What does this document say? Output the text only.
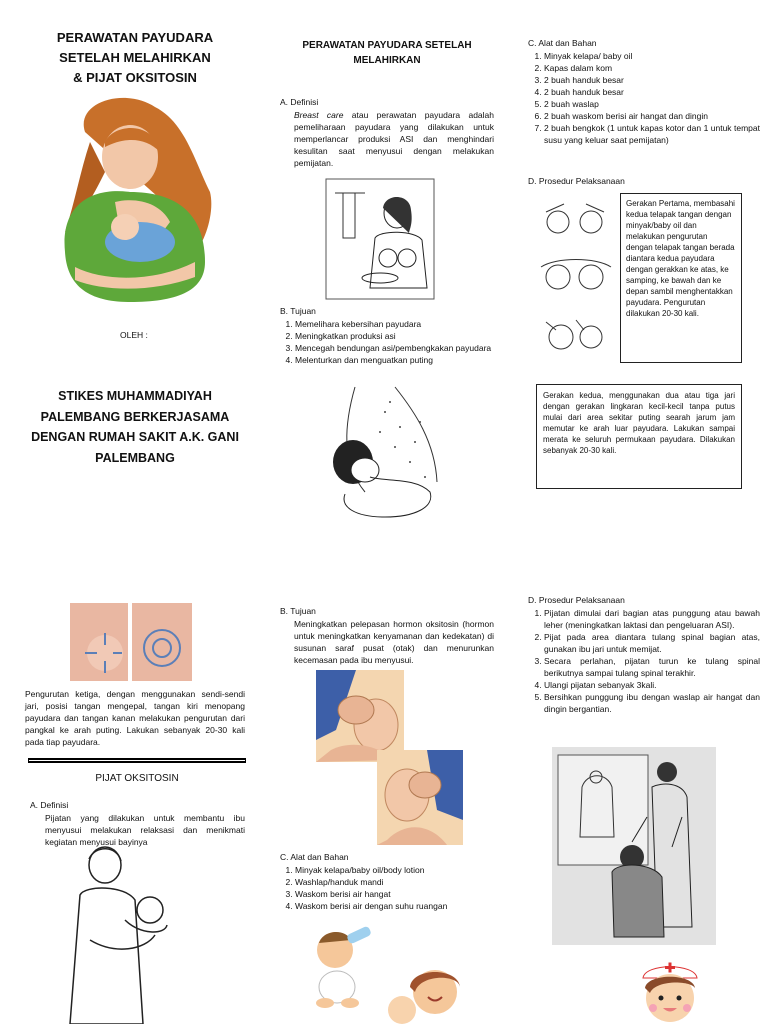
PERAWATAN PAYUDARA
SETELAH MELAHIRKAN
& PIJAT OKSITOSIN
OLEH :
STIKES MUHAMMADIYAH
PALEMBANG BERKERJASAMA
DENGAN RUMAH SAKIT A.K. GANI
PALEMBANG
PERAWATAN PAYUDARA SETELAH
MELAHIRKAN
A. Definisi
Breast care atau perawatan payudara adalah pemeliharaan payudara yang dilakukan untuk memperlancar produksi ASI dan menghindari kesulitan saat menyusui dengan melakukan pemijatan.
B. Tujuan
1. Memelihara kebersihan payudara
2. Meningkatkan produksi asi
3. Mencegah bendungan asi/pembengkakan payudara
4. Melenturkan dan menguatkan puting
C. Alat dan Bahan
1. Minyak kelapa/ baby oil
2. Kapas dalam kom
3. 2 buah handuk besar
4. 2 buah handuk besar
5. 2 buah waslap
6. 2 buah waskom berisi air hangat dan dingin
7. 2 buah bengkok (1 untuk kapas kotor dan 1 untuk tempat susu yang keluar saat pemijatan)
D. Prosedur Pelaksanaan
Gerakan Pertama, membasahi kedua telapak tangan dengan minyak/baby oil dan melakukan pengurutan dengan telapak tangan berada diantara kedua payudara dengan gerakkan ke atas, ke samping, ke bawah dan ke depan sambil menghentakkan payudara. Pengurutan dilakukan 20-30 kali.
Gerakan kedua, menggunakan dua atau tiga jari dengan gerakan lingkaran kecil-kecil tanpa putus mulai dari area sekitar puting searah jarum jam memutar ke arah luar payudara. Lakukan sampai merata ke seluruh permukaan payudara. Dilakukan sebanyak 20-30 kali.
Pengurutan ketiga, dengan menggunakan sendi-sendi jari, posisi tangan mengepal, tangan kiri menopang payudara dan tangan kanan melakukan pengurutan dari pangkal ke arah puting. Lakukan sebanyak 20-30 kali pada tiap payudara.
PIJAT OKSITOSIN
A. Definisi
Pijatan yang dilakukan untuk membantu ibu menyusui melakukan relaksasi dan menikmati kegiatan menyusui bayinya
B. Tujuan
Meningkatkan pelepasan hormon oksitosin (hormon untuk meningkatkan kenyamanan dan kedekatan) di susunan saraf pusat (otak) dan menurunkan kecemasan pada ibu menyusui.
C. Alat dan Bahan
1. Minyak kelapa/baby oil/body lotion
2. Washlap/handuk mandi
3. Waskom berisi air hangat
4. Waskom berisi air dengan suhu ruangan
D. Prosedur Pelaksanaan
1. Pijatan dimulai dari bagian atas punggung atau bawah leher (meningkatkan laktasi dan pengeluaran ASI).
2. Pijat pada area diantara tulang spinal bagian atas, gunakan ibu jari untuk memijat.
3. Secara perlahan, pijatan turun ke tulang spinal berikutnya sampai tulang spinal terakhir.
4. Ulangi pijatan sebanyak 3kali.
5. Bersihkan punggung ibu dengan waslap air hangat dan dingin bergantian.
